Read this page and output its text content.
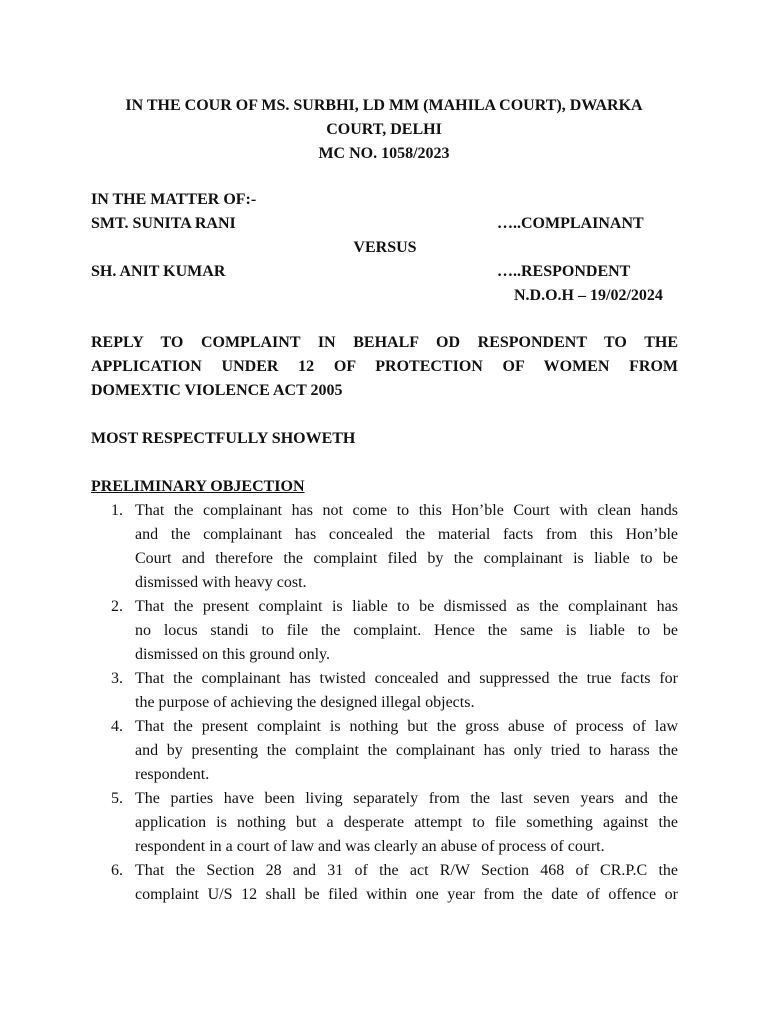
IN THE COUR OF MS. SURBHI, LD MM (MAHILA COURT), DWARKA
COURT, DELHI
MC NO. 1058/2023
IN THE MATTER OF:-
SMT. SUNITA RANI	…..COMPLAINANT
VERSUS
SH. ANIT KUMAR	…..RESPONDENT
N.D.O.H – 19/02/2024
REPLY TO COMPLAINT IN BEHALF OD RESPONDENT TO THE
APPLICATION UNDER 12 OF PROTECTION OF WOMEN FROM
DOMEXTIC VIOLENCE ACT 2005
MOST RESPECTFULLY SHOWETH
PRELIMINARY OBJECTION
1. That the complainant has not come to this Hon’ble Court with clean hands
and the complainant has concealed the material facts from this Hon’ble
Court and therefore the complaint filed by the complainant is liable to be
dismissed with heavy cost.
2. That the present complaint is liable to be dismissed as the complainant has
no locus standi to file the complaint. Hence the same is liable to be
dismissed on this ground only.
3. That the complainant has twisted concealed and suppressed the true facts for
the purpose of achieving the designed illegal objects.
4. That the present complaint is nothing but the gross abuse of process of law
and by presenting the complaint the complainant has only tried to harass the
respondent.
5. The parties have been living separately from the last seven years and the
application is nothing but a desperate attempt to file something against the
respondent in a court of law and was clearly an abuse of process of court.
6. That the Section 28 and 31 of the act R/W Section 468 of CR.P.C the
complaint U/S 12 shall be filed within one year from the date of offence or
